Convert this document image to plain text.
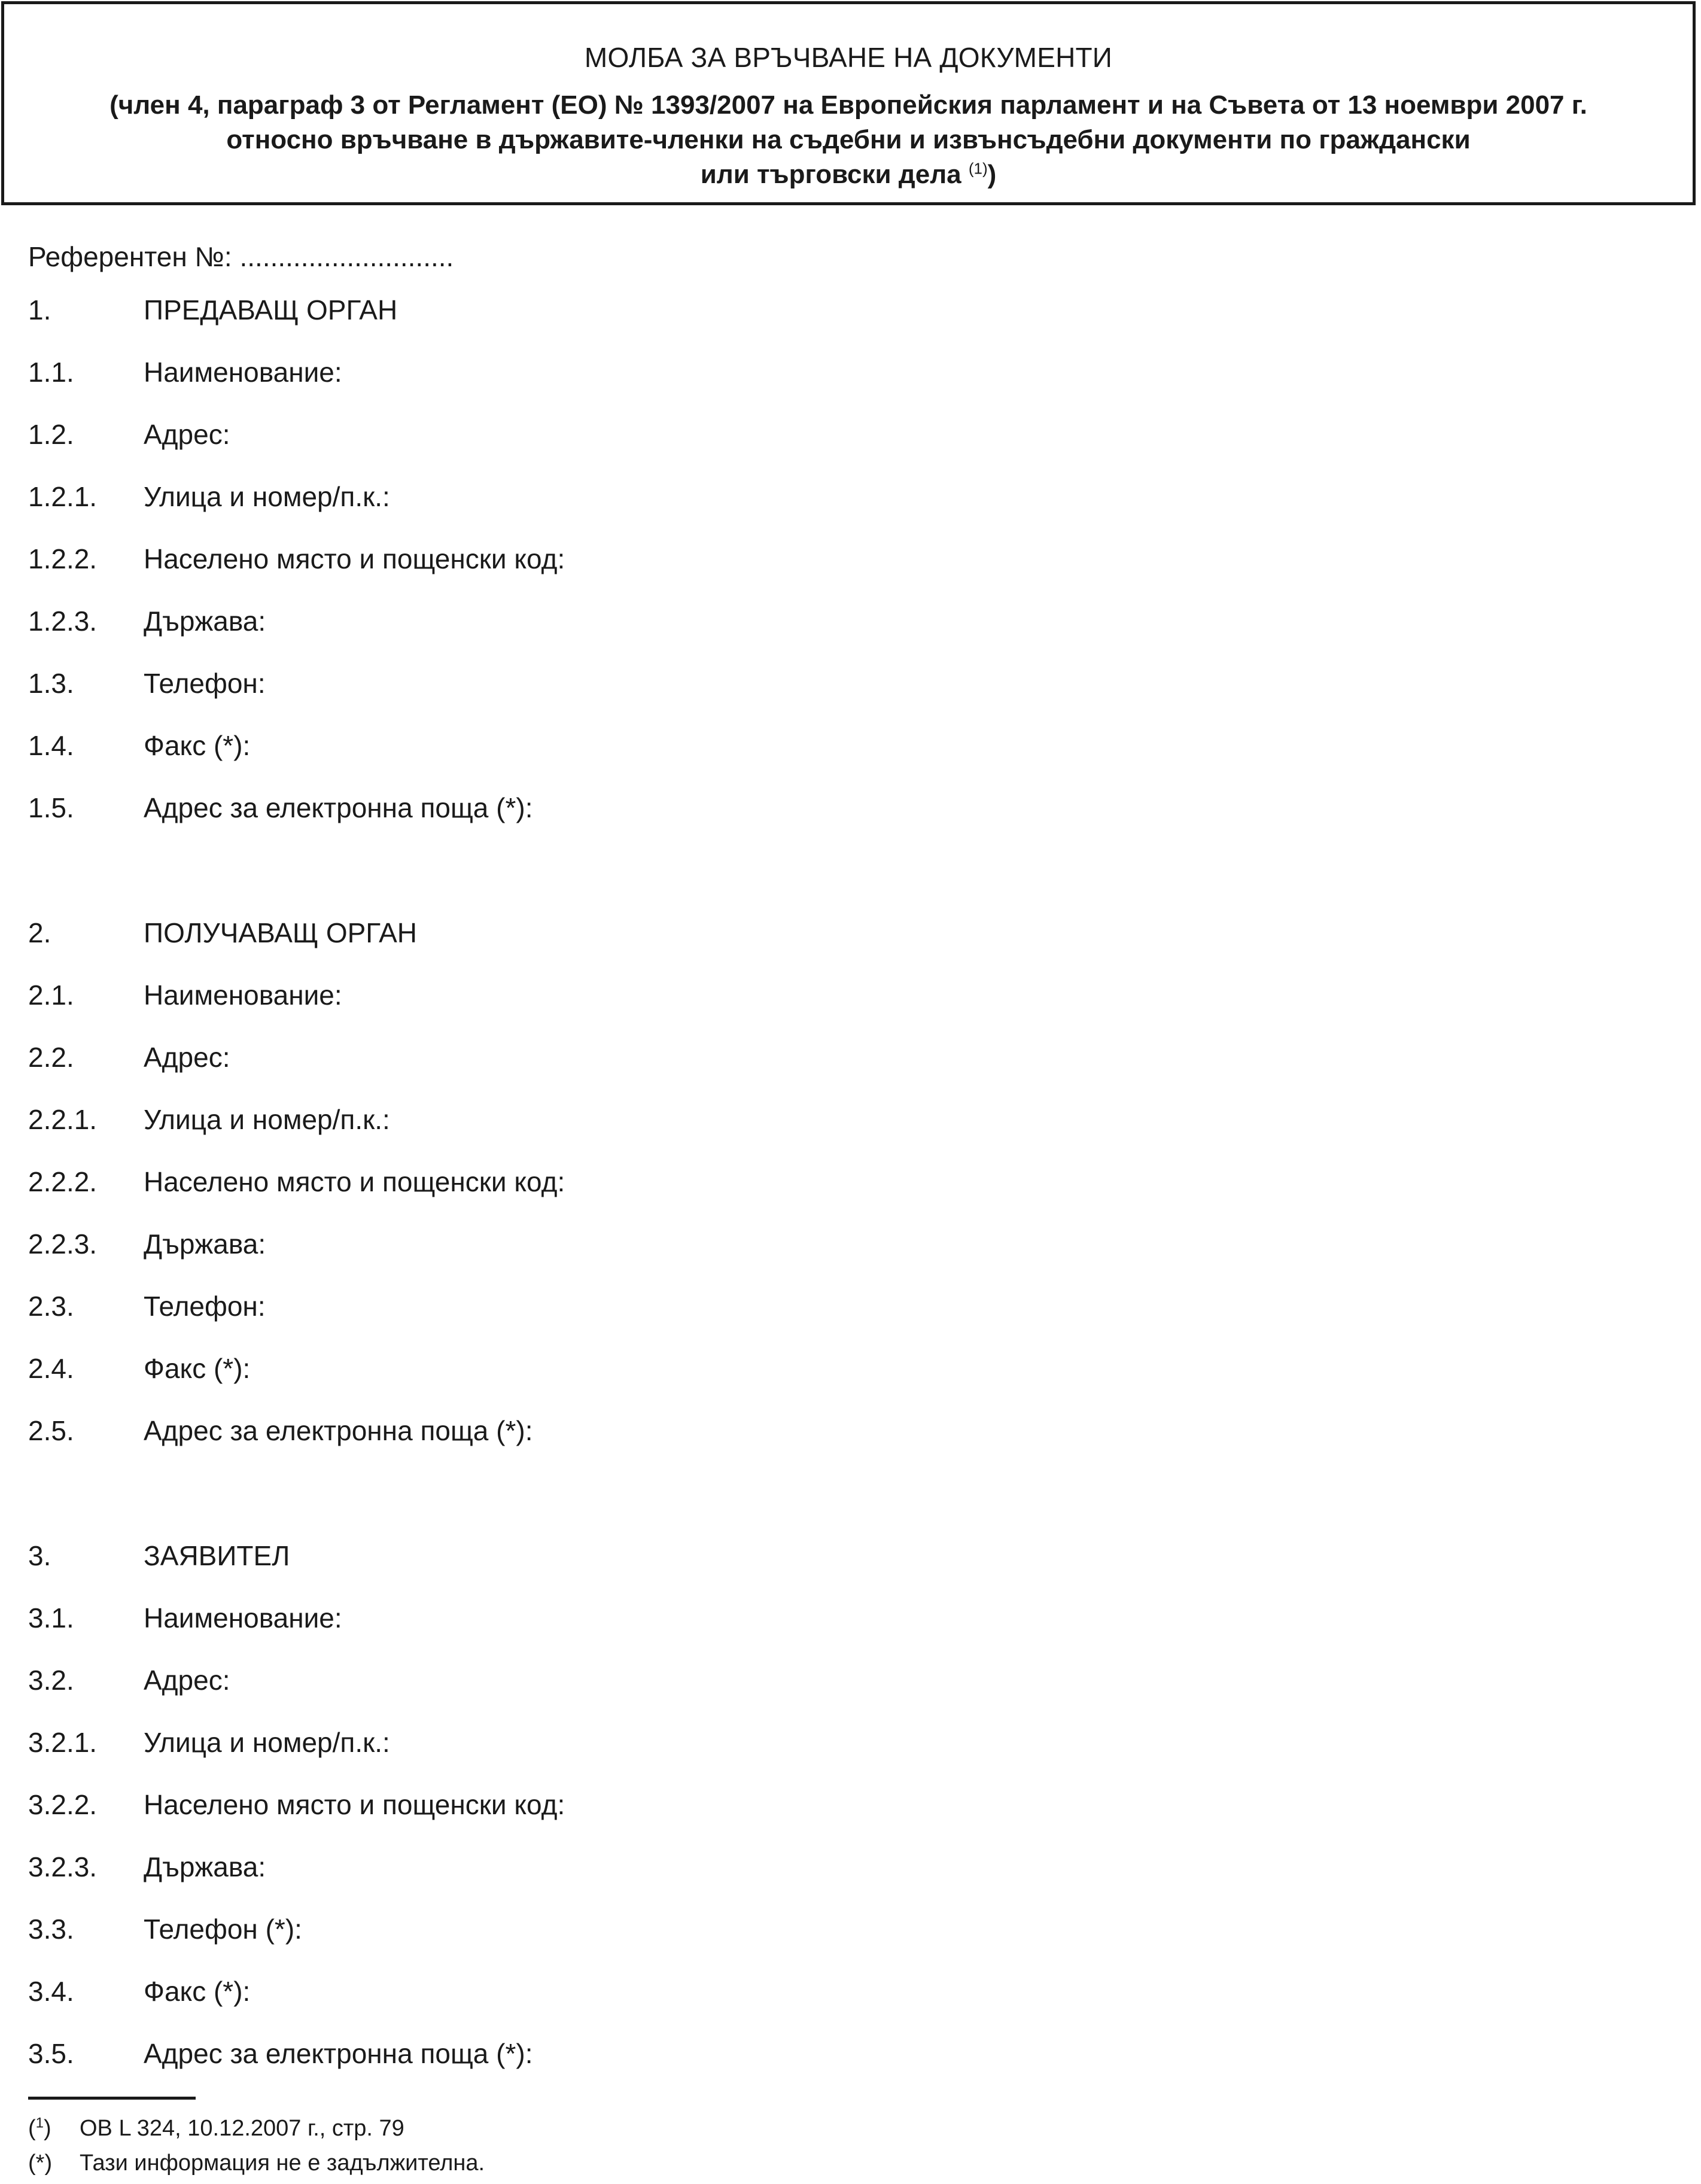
МОЛБА ЗА ВРЪЧВАНЕ НА ДОКУМЕНТИ
(член 4, параграф 3 от Регламент (ЕО) № 1393/2007 на Европейския парламент и на Съвета от 13 ноември 2007 г.
относно връчване в държавите-членки на съдебни и извънсъдебни документи по граждански
или търговски дела $^{(1)}$)
Референтен №: ............................
1.	ПРЕДАВАЩ ОРГАН
1.1.	Наименование:
1.2.	Адрес:
1.2.1. Улица и номер/п.к.:
1.2.2. Населено място и пощенски код:
1.2.3. Държава:
1.3.	Телефон:
1.4.	Факс (*):
1.5.	Адрес за електронна поща (*):
2.	ПОЛУЧАВАЩ ОРГАН
2.1.	Наименование:
2.2.	Адрес:
2.2.1. Улица и номер/п.к.:
2.2.2. Населено място и пощенски код:
2.2.3. Държава:
2.3.	Телефон:
2.4.	Факс (*):
2.5.	Адрес за електронна поща (*):
3.	ЗАЯВИТЕЛ
3.1.	Наименование:
3.2.	Адрес:
3.2.1. Улица и номер/п.к.:
3.2.2. Населено място и пощенски код:
3.2.3. Държава:
3.3.	Телефон (*):
3.4.	Факс (*):
3.5.	Адрес за електронна поща (*):
($^1$) ОВ L 324, 10.12.2007 г., стр. 79
(*) Тази информация не е задължителна.
